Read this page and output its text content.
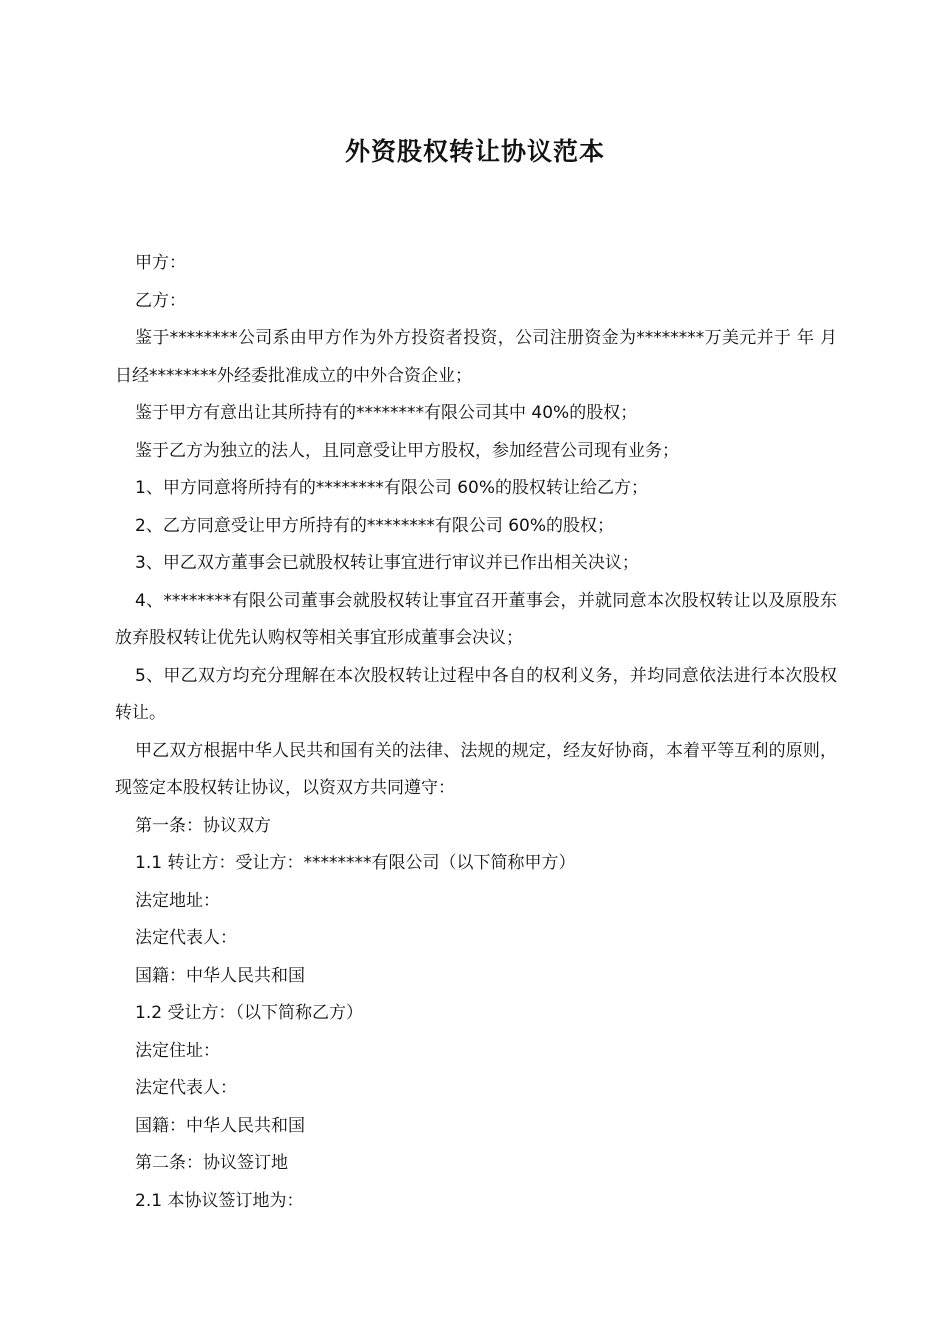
外资股权转让协议范本

甲方：

乙方：

鉴于********公司系由甲方作为外方投资者投资，公司注册资金为********万美元并于 年 月 日经********外经委批准成立的中外合资企业；

鉴于甲方有意出让其所持有的********有限公司其中 40%的股权；

鉴于乙方为独立的法人，且同意受让甲方股权，参加经营公司现有业务；

1、甲方同意将所持有的********有限公司 60%的股权转让给乙方；

2、乙方同意受让甲方所持有的********有限公司 60%的股权；

3、甲乙双方董事会已就股权转让事宜进行审议并已作出相关决议；

4、********有限公司董事会就股权转让事宜召开董事会，并就同意本次股权转让以及原股东放弃股权转让优先认购权等相关事宜形成董事会决议；

5、甲乙双方均充分理解在本次股权转让过程中各自的权利义务，并均同意依法进行本次股权转让。

甲乙双方根据中华人民共和国有关的法律、法规的规定，经友好协商，本着平等互利的原则，现签定本股权转让协议，以资双方共同遵守：

第一条：协议双方

1.1 转让方：受让方：********有限公司（以下简称甲方）

法定地址：

法定代表人：

国籍：中华人民共和国

1.2 受让方：（以下简称乙方）

法定住址：

法定代表人：

国籍：中华人民共和国

第二条：协议签订地

2.1 本协议签订地为：
